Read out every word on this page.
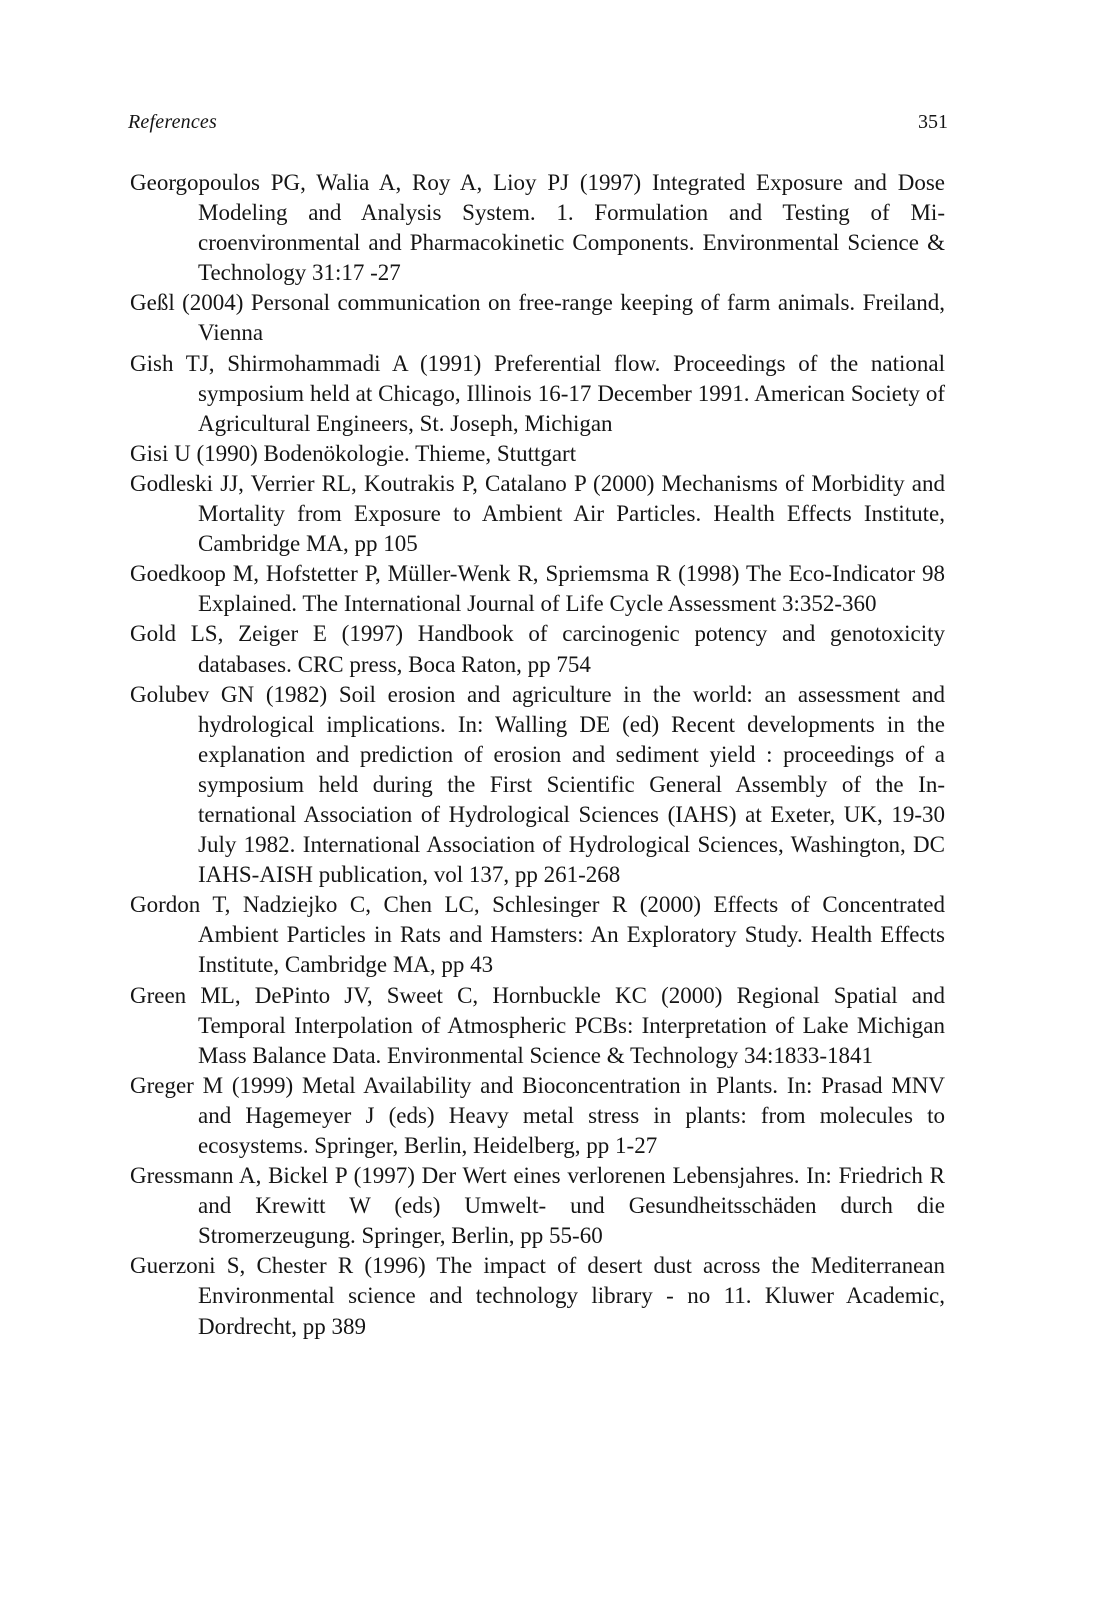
References	351
Georgopoulos PG, Walia A, Roy A, Lioy PJ (1997) Integrated Exposure and Dose Modeling and Analysis System. 1. Formulation and Testing of Microenvironmental and Pharmacokinetic Components. Environmental Science & Technology 31:17 -27
Geßl (2004) Personal communication on free-range keeping of farm animals. Freiland, Vienna
Gish TJ, Shirmohammadi A (1991) Preferential flow. Proceedings of the national symposium held at Chicago, Illinois 16-17 December 1991. American Society of Agricultural Engineers, St. Joseph, Michigan
Gisi U (1990) Bodenökologie. Thieme, Stuttgart
Godleski JJ, Verrier RL, Koutrakis P, Catalano P (2000) Mechanisms of Morbidity and Mortality from Exposure to Ambient Air Particles. Health Effects Institute, Cambridge MA, pp 105
Goedkoop M, Hofstetter P, Müller-Wenk R, Spriemsma R (1998) The Eco-Indicator 98 Explained. The International Journal of Life Cycle Assessment 3:352-360
Gold LS, Zeiger E (1997) Handbook of carcinogenic potency and genotoxicity databases. CRC press, Boca Raton, pp 754
Golubev GN (1982) Soil erosion and agriculture in the world: an assessment and hydrological implications. In: Walling DE (ed) Recent developments in the explanation and prediction of erosion and sediment yield : proceedings of a symposium held during the First Scientific General Assembly of the International Association of Hydrological Sciences (IAHS) at Exeter, UK, 19-30 July 1982. International Association of Hydrological Sciences, Washington, DC IAHS-AISH publication, vol 137, pp 261-268
Gordon T, Nadziejko C, Chen LC, Schlesinger R (2000) Effects of Concentrated Ambient Particles in Rats and Hamsters: An Exploratory Study. Health Effects Institute, Cambridge MA, pp 43
Green ML, DePinto JV, Sweet C, Hornbuckle KC (2000) Regional Spatial and Temporal Interpolation of Atmospheric PCBs: Interpretation of Lake Michigan Mass Balance Data. Environmental Science & Technology 34:1833-1841
Greger M (1999) Metal Availability and Bioconcentration in Plants. In: Prasad MNV and Hagemeyer J (eds) Heavy metal stress in plants: from molecules to ecosystems. Springer, Berlin, Heidelberg, pp 1-27
Gressmann A, Bickel P (1997) Der Wert eines verlorenen Lebensjahres. In: Friedrich R and Krewitt W (eds) Umwelt- und Gesundheitsschäden durch die Stromerzeugung. Springer, Berlin, pp 55-60
Guerzoni S, Chester R (1996) The impact of desert dust across the Mediterranean Environmental science and technology library - no 11. Kluwer Academic, Dordrecht, pp 389
